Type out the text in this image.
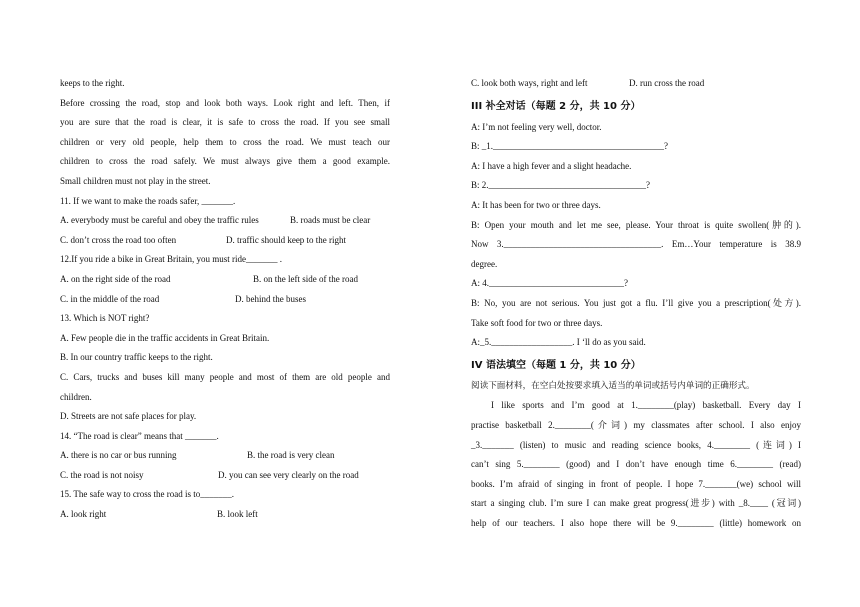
keeps to the right.
Before crossing the road, stop and look both ways. Look right and left. Then, if
you are sure that the road is clear, it is safe to cross the road. If you see small
children or very old people, help them to cross the road. We must teach our
children to cross the road safely. We must always give them a good example.
Small children must not play in the street.
11. If we want to make the roads safer, _______.
A. everybody must be careful and obey the traffic rules	B. roads must be clear
C. don’t cross the road too often	D. traffic should keep to the right
12.If you ride a bike in Great Britain, you must ride_______ .
A. on the right side of the road	B. on the left side of the road
C. in the middle of the road	D. behind the buses
13. Which is NOT right?
A. Few people die in the traffic accidents in Great Britain.
B. In our country traffic keeps to the right.
C. Cars, trucks and buses kill many people and most of them are old people and
children.
D. Streets are not safe places for play.
14. “The road is clear” means that _______.
A. there is no car or bus running	B. the road is very clean
C. the road is not noisy	D. you can see very clearly on the road
15. The safe way to cross the road is to_______.
A. look right	B. look left
C. look both ways, right and left	D. run cross the road
III 补全对话（每题 2 分，共 10 分）
A: I’m not feeling very well, doctor.
B: _1.______________________________________?
A: I have a high fever and a slight headache.
B: 2.___________________________________?
A: It has been for two or three days.
B: Open your mouth and let me see, please. Your throat is quite swollen(肿的).
Now 3.___________________________________. Em…Your temperature is 38.9
degree.
A: 4.______________________________?
B: No, you are not serious. You just got a flu. I’ll give you a prescription(处方).
Take soft food for two or three days.
A:_5.__________________. I ‘ll do as you said.
IV 语法填空（每题 1 分，共 10 分）
阅读下面材料，在空白处按要求填入适当的单词或括号内单词的正确形式。
I like sports and I’m good at 1.________(play) basketball. Every day I
practise basketball 2.________(介词) my classmates after school. I also enjoy
_3._______ (listen) to music and reading science books, 4.________ (连词) I
can’t sing 5.________ (good) and I don’t have enough time 6.________ (read)
books. I’m afraid of singing in front of people. I hope 7._______(we) school will
start a singing club. I’m sure I can make great progress(进步) with _8.____ (冠词)
help of our teachers. I also hope there will be 9.________ (little) homework on
